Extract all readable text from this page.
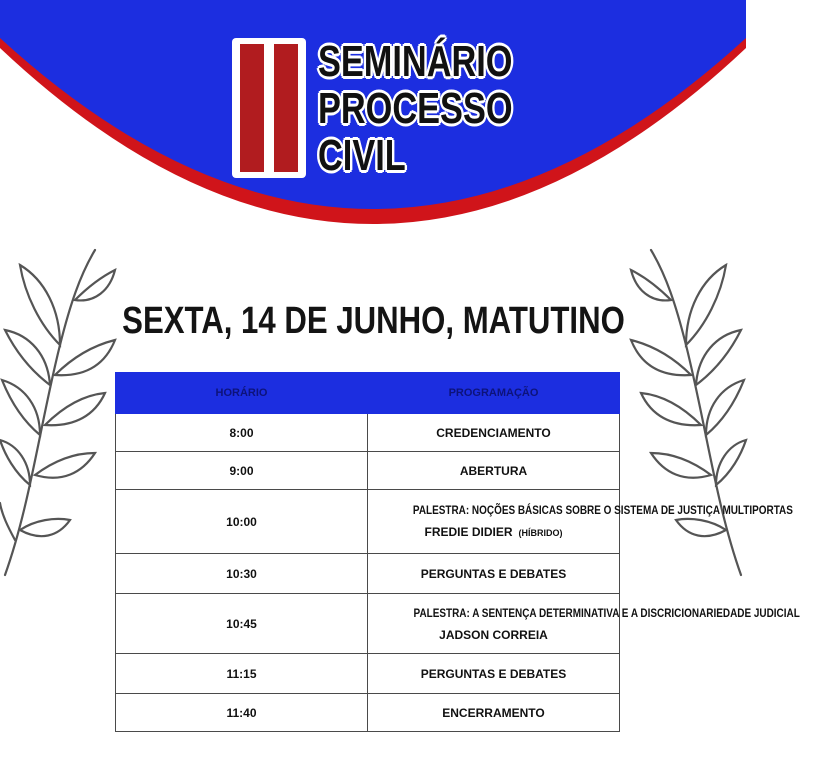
SEMINÁRIO
PROCESSO
CIVIL
SEXTA, 14 DE JUNHO, MATUTINO
HORÁRIO	PROGRAMAÇÃO
8:00	CREDENCIAMENTO

9:00	ABERTURA

10:00	PALESTRA: NOÇÕES BÁSICAS SOBRE O SISTEMA DE JUSTIÇA MULTIPORTAS
FREDIE DIDIER (HÍBRIDO)

10:30	PERGUNTAS E DEBATES

10:45	PALESTRA: A SENTENÇA DETERMINATIVA E A DISCRICIONARIEDADE JUDICIAL
JADSON CORREIA

11:15	PERGUNTAS E DEBATES

11:40	ENCERRAMENTO
